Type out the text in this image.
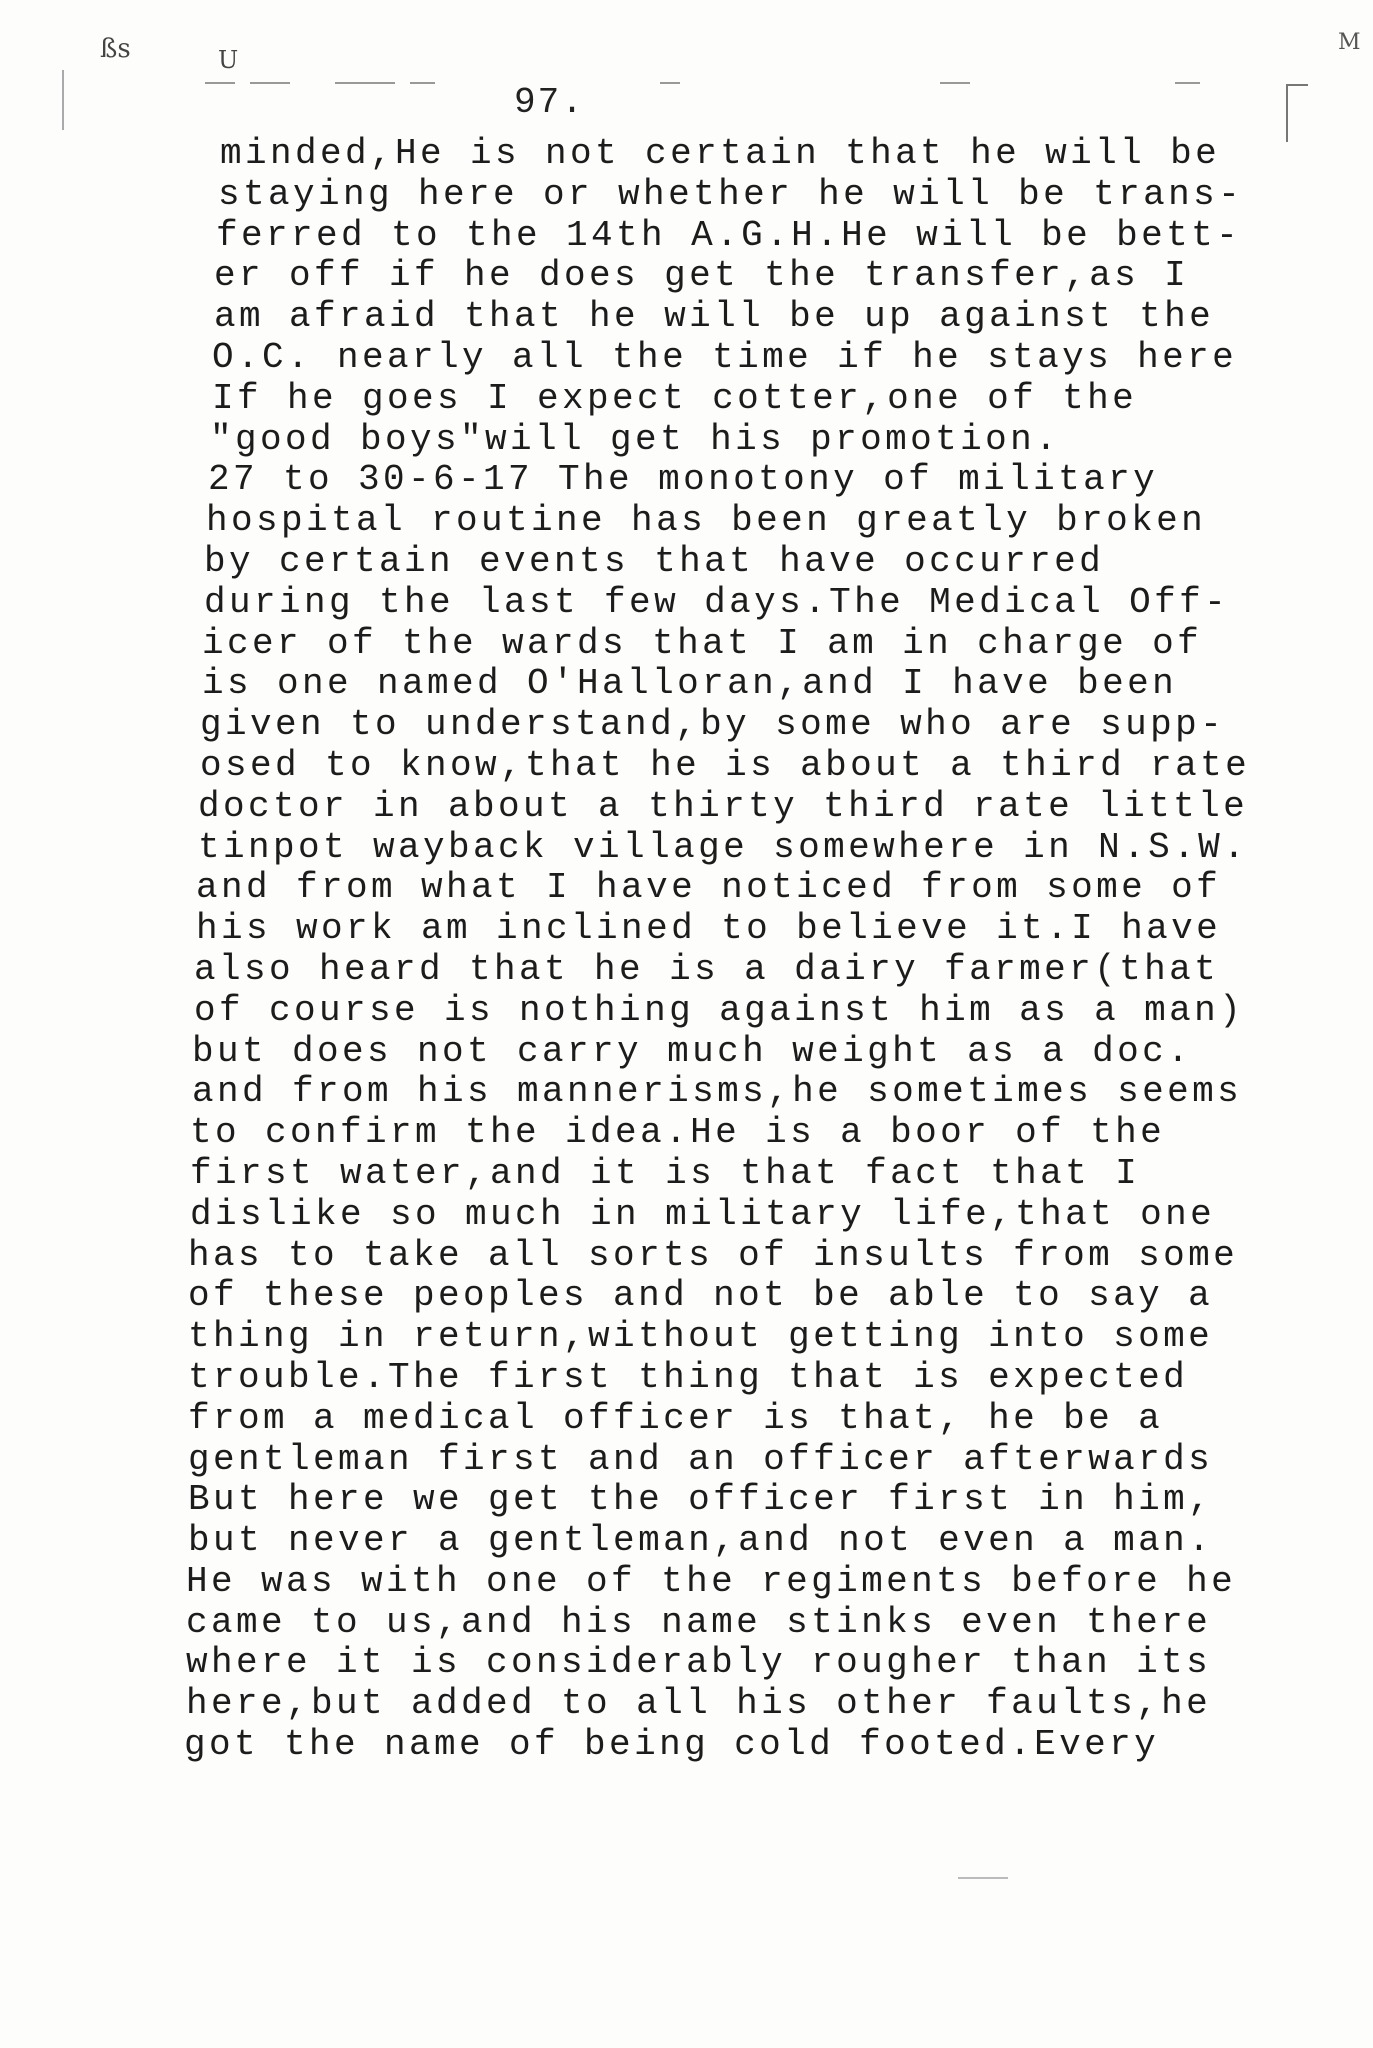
ßs	U
M
97.
minded,He is not certain that he will be
staying here or whether he will be trans-
ferred to the 14th A.G.H.He will be bett-
er off if he does get the transfer,as I
am afraid that he will be up against the
O.C. nearly all the time if he stays here
If he goes I expect cotter,one of the
"good boys"will get his promotion.
27 to 30-6-17 The monotony of military
hospital routine has been greatly broken
by certain events that have occurred
during the last few days.The Medical Off-
icer of the wards that I am in charge of
is one named O'Halloran,and I have been
given to understand,by some who are supp-
osed to know,that he is about a third rate
doctor in about a thirty third rate little
tinpot wayback village somewhere in N.S.W.
and from what I have noticed from some of
his work am inclined to believe it.I have
also heard that he is a dairy farmer(that
of course is nothing against him as a man)
but does not carry much weight as a doc.
and from his mannerisms,he sometimes seems
to confirm the idea.He is a boor of the
first water,and it is that fact that I
dislike so much in military life,that one
has to take all sorts of insults from some
of these peoples and not be able to say a
thing in return,without getting into some
trouble.The first thing that is expected
from a medical officer is that, he be a
gentleman first and an officer afterwards
But here we get the officer first in him,
but never a gentleman,and not even a man.
He was with one of the regiments before he
came to us,and his name stinks even there
where it is considerably rougher than its
here,but added to all his other faults,he
got the name of being cold footed.Every
